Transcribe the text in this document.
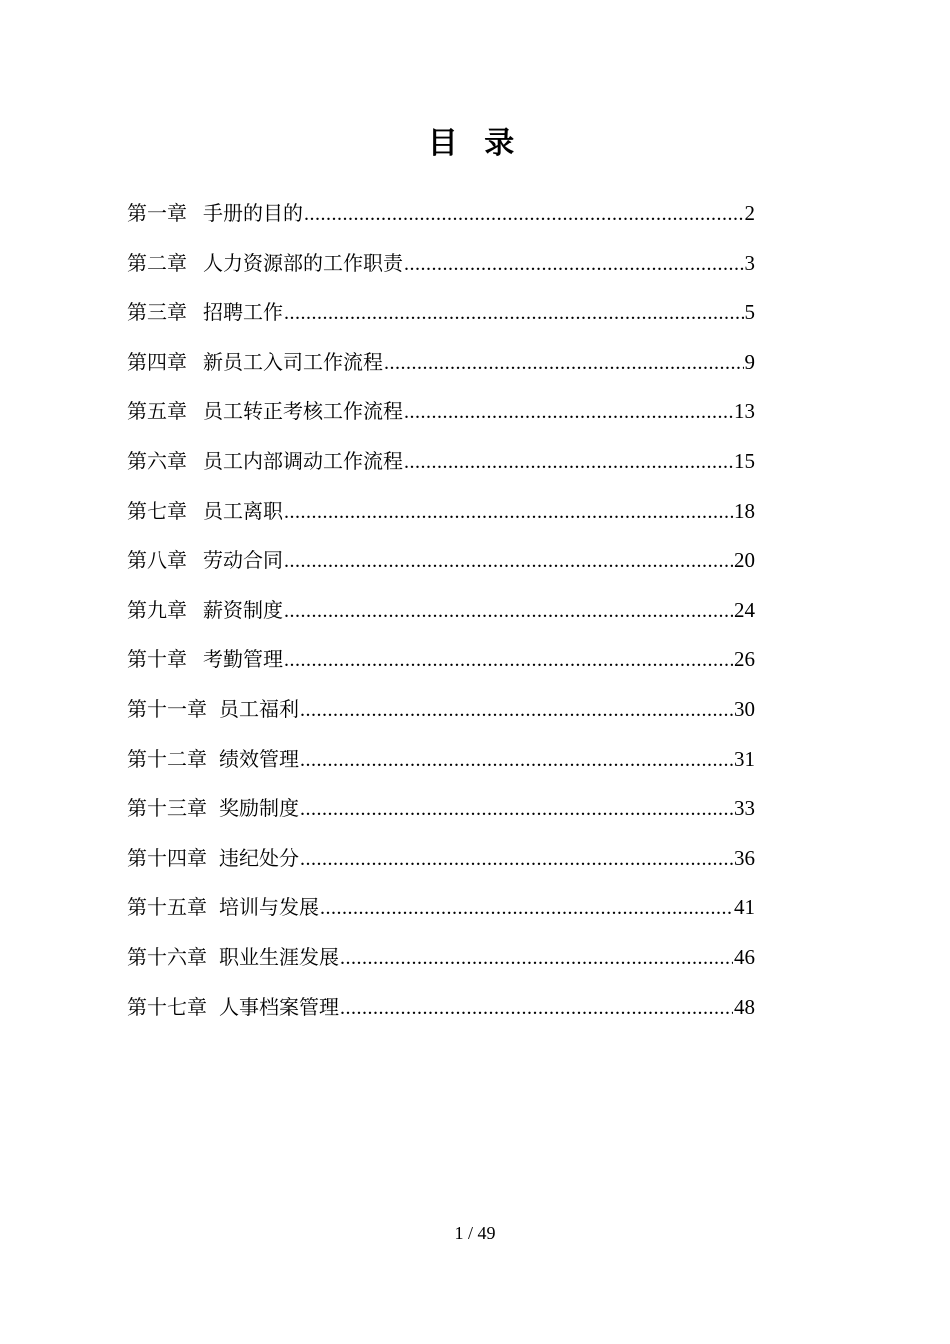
目 录
第一章 手册的目的 .....	2
第二章 人力资源部的工作职责 .....	3
第三章 招聘工作 .....	5
第四章 新员工入司工作流程 .....	9
第五章 员工转正考核工作流程 .....	13
第六章 员工内部调动工作流程 .....	15
第七章 员工离职 .....	18
第八章 劳动合同 .....	20
第九章 薪资制度 .....	24
第十章 考勤管理 .....	26
第十一章 员工福利 .....	30
第十二章 绩效管理 .....	31
第十三章 奖励制度 .....	33
第十四章 违纪处分 .....	36
第十五章 培训与发展 .....	41
第十六章 职业生涯发展 .....	46
第十七章 人事档案管理 .....	48
1 / 49
